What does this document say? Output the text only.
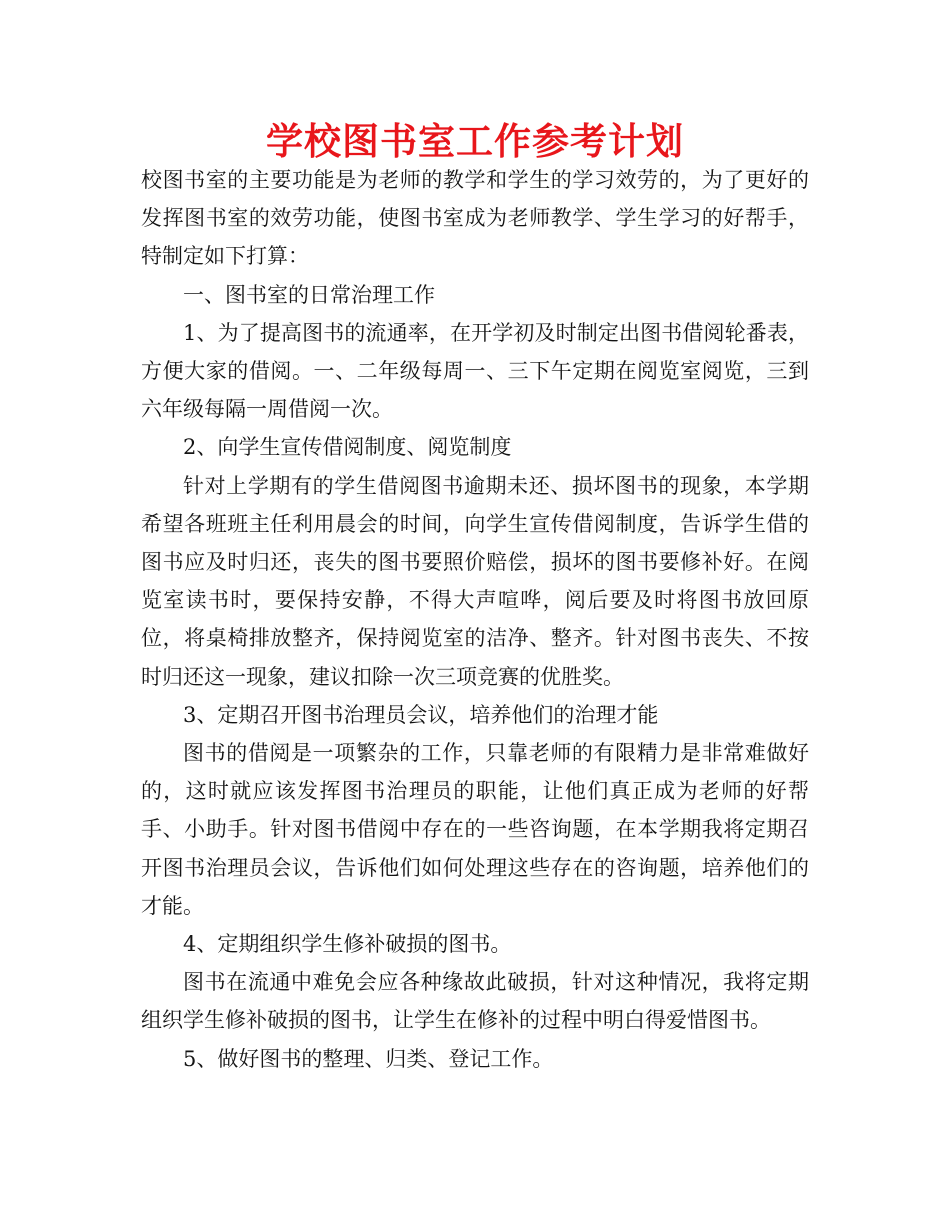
学校图书室工作参考计划

校图书室的主要功能是为老师的教学和学生的学习效劳的，为了更好的发挥图书室的效劳功能，使图书室成为老师教学、学生学习的好帮手，特制定如下打算：

一、图书室的日常治理工作

1、为了提高图书的流通率，在开学初及时制定出图书借阅轮番表，方便大家的借阅。一、二年级每周一、三下午定期在阅览室阅览，三到六年级每隔一周借阅一次。

2、向学生宣传借阅制度、阅览制度

针对上学期有的学生借阅图书逾期未还、损坏图书的现象，本学期希望各班班主任利用晨会的时间，向学生宣传借阅制度，告诉学生借的图书应及时归还，丧失的图书要照价赔偿，损坏的图书要修补好。在阅览室读书时，要保持安静，不得大声喧哗，阅后要及时将图书放回原位，将桌椅排放整齐，保持阅览室的洁净、整齐。针对图书丧失、不按时归还这一现象，建议扣除一次三项竞赛的优胜奖。

3、定期召开图书治理员会议，培养他们的治理才能

图书的借阅是一项繁杂的工作，只靠老师的有限精力是非常难做好的，这时就应该发挥图书治理员的职能，让他们真正成为老师的好帮手、小助手。针对图书借阅中存在的一些咨询题，在本学期我将定期召开图书治理员会议，告诉他们如何处理这些存在的咨询题，培养他们的才能。

4、定期组织学生修补破损的图书。

图书在流通中难免会应各种缘故此破损，针对这种情况，我将定期组织学生修补破损的图书，让学生在修补的过程中明白得爱惜图书。

5、做好图书的整理、归类、登记工作。
